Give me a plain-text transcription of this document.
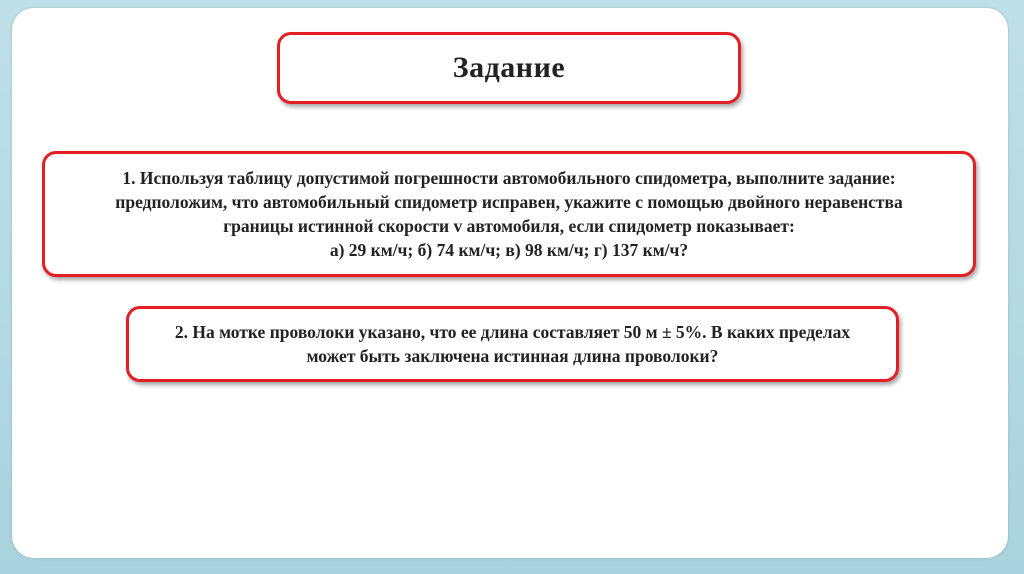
Задание
1. Используя таблицу допустимой погрешности автомобильного спидометра, выполните задание:
предположим, что автомобильный спидометр исправен, укажите с помощью двойного неравенства
границы истинной скорости v автомобиля, если спидометр показывает:
а) 29 км/ч; б) 74 км/ч; в) 98 км/ч; г) 137 км/ч?
2. На мотке проволоки указано, что ее длина составляет 50 м ± 5%. В каких пределах
может быть заключена истинная длина проволоки?
